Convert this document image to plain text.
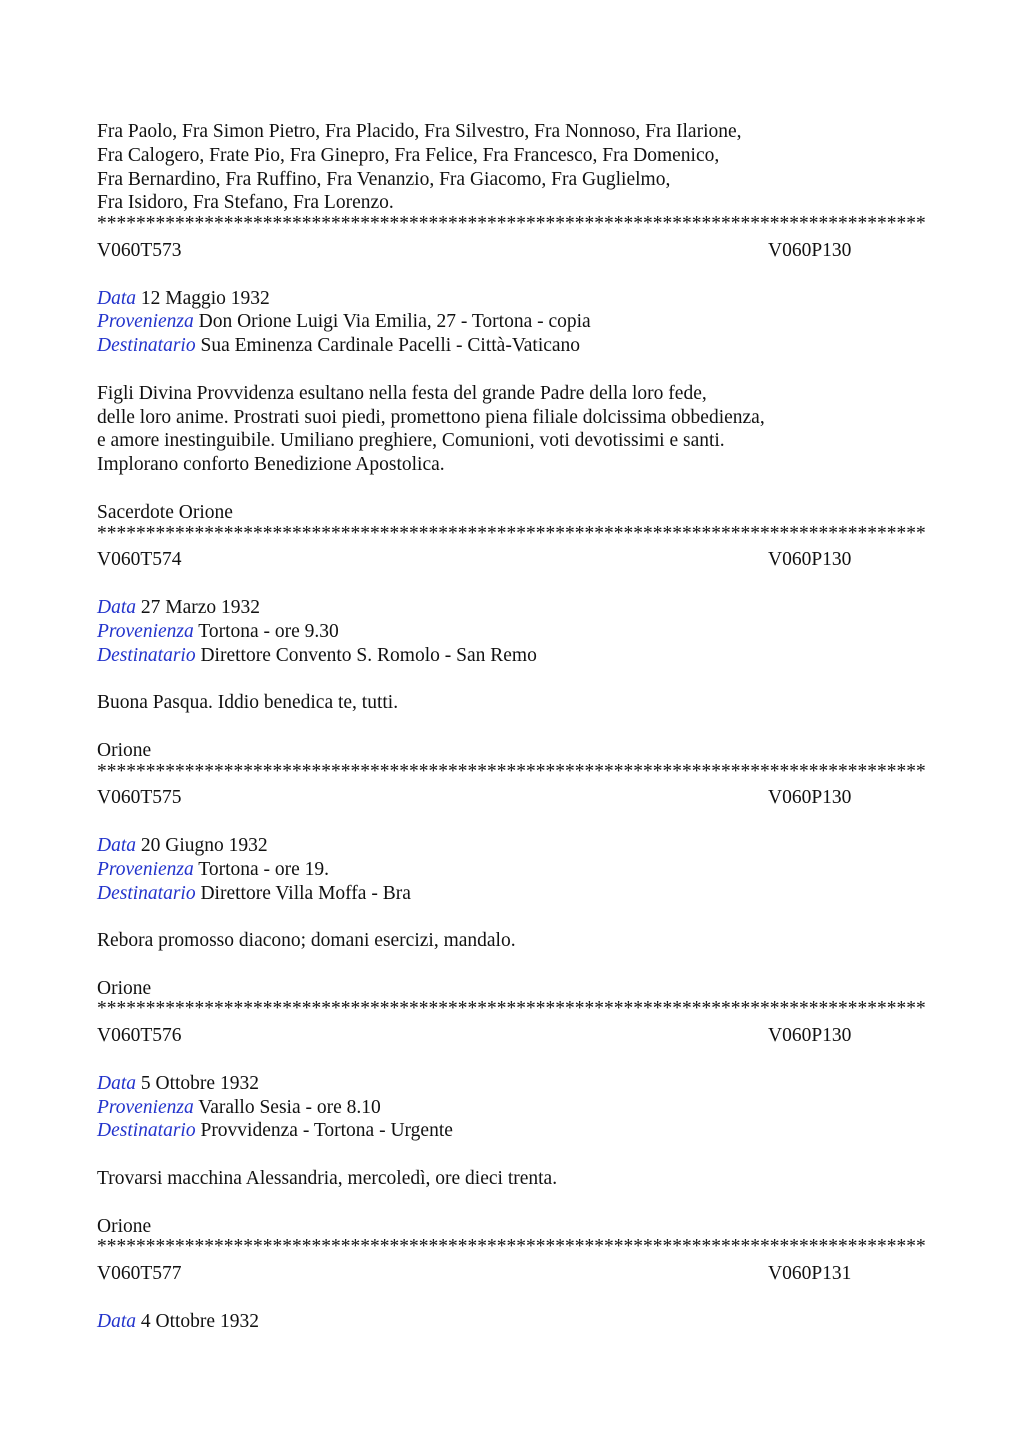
Fra Paolo, Fra Simon Pietro, Fra Placido, Fra Silvestro, Fra Nonnoso, Fra Ilarione,
Fra Calogero, Frate Pio, Fra Ginepro, Fra Felice, Fra Francesco, Fra Domenico,
Fra Bernardino, Fra Ruffino, Fra Venanzio, Fra Giacomo, Fra Guglielmo,
Fra Isidoro, Fra Stefano, Fra Lorenzo.
*************************************************************************************
V060T573	V060P130
Data 12 Maggio 1932
Provenienza Don Orione Luigi Via Emilia, 27 - Tortona - copia
Destinatario Sua Eminenza Cardinale Pacelli - Città-Vaticano
Figli Divina Provvidenza esultano nella festa del grande Padre della loro fede,
delle loro anime. Prostrati suoi piedi, promettono piena filiale dolcissima obbedienza,
e amore inestinguibile. Umiliano preghiere, Comunioni, voti devotissimi e santi.
Implorano conforto Benedizione Apostolica.
Sacerdote Orione
*************************************************************************************
V060T574	V060P130
Data 27 Marzo 1932
Provenienza Tortona - ore 9.30
Destinatario Direttore Convento S. Romolo - San Remo
Buona Pasqua. Iddio benedica te, tutti.
Orione
*************************************************************************************
V060T575	V060P130
Data 20 Giugno 1932
Provenienza Tortona - ore 19.
Destinatario Direttore Villa Moffa - Bra
Rebora promosso diacono; domani esercizi, mandalo.
Orione
*************************************************************************************
V060T576	V060P130
Data 5 Ottobre 1932
Provenienza Varallo Sesia - ore 8.10
Destinatario Provvidenza - Tortona - Urgente
Trovarsi macchina Alessandria, mercoledì, ore dieci trenta.
Orione
*************************************************************************************
V060T577	V060P131
Data 4 Ottobre 1932
